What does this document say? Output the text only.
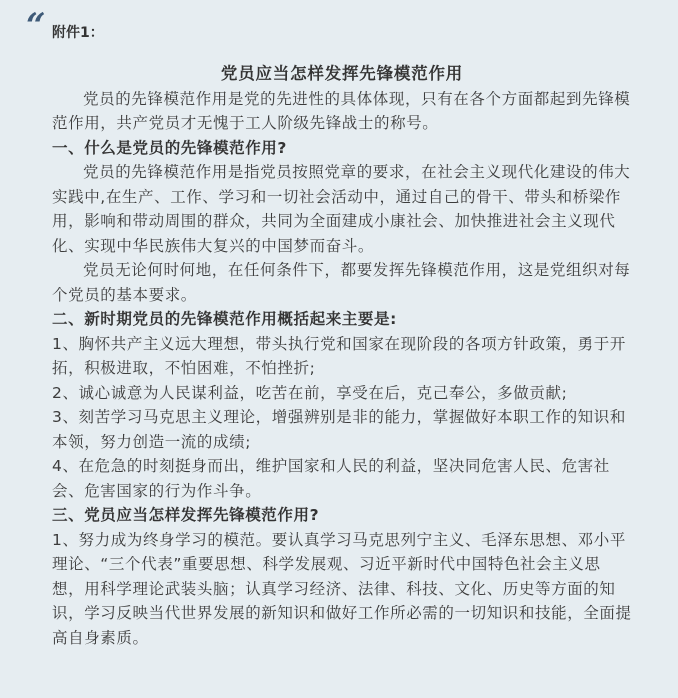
“ 附件1：

党员应当怎样发挥先锋模范作用

党员的先锋模范作用是党的先进性的具体体现，只有在各个方面都起到先锋模范作用，共产党员才无愧于工人阶级先锋战士的称号。

一、什么是党员的先锋模范作用?

党员的先锋模范作用是指党员按照党章的要求，在社会主义现代化建设的伟大实践中,在生产、工作、学习和一切社会活动中，通过自己的骨干、带头和桥梁作用，影响和带动周围的群众，共同为全面建成小康社会、加快推进社会主义现代化、实现中华民族伟大复兴的中国梦而奋斗。

党员无论何时何地，在任何条件下，都要发挥先锋模范作用，这是党组织对每个党员的基本要求。

二、新时期党员的先锋模范作用概括起来主要是:

1、胸怀共产主义远大理想，带头执行党和国家在现阶段的各项方针政策，勇于开拓，积极进取，不怕困难，不怕挫折;

2、诚心诚意为人民谋利益，吃苦在前，享受在后，克己奉公，多做贡献;

3、刻苦学习马克思主义理论，增强辨别是非的能力，掌握做好本职工作的知识和本领，努力创造一流的成绩;

4、在危急的时刻挺身而出，维护国家和人民的利益，坚决同危害人民、危害社会、危害国家的行为作斗争。

三、党员应当怎样发挥先锋模范作用?

1、努力成为终身学习的模范。要认真学习马克思列宁主义、毛泽东思想、邓小平理论、“三个代表”重要思想、科学发展观、习近平新时代中国特色社会主义思想，用科学理论武装头脑；认真学习经济、法律、科技、文化、历史等方面的知识，学习反映当代世界发展的新知识和做好工作所必需的一切知识和技能，全面提高自身素质。
